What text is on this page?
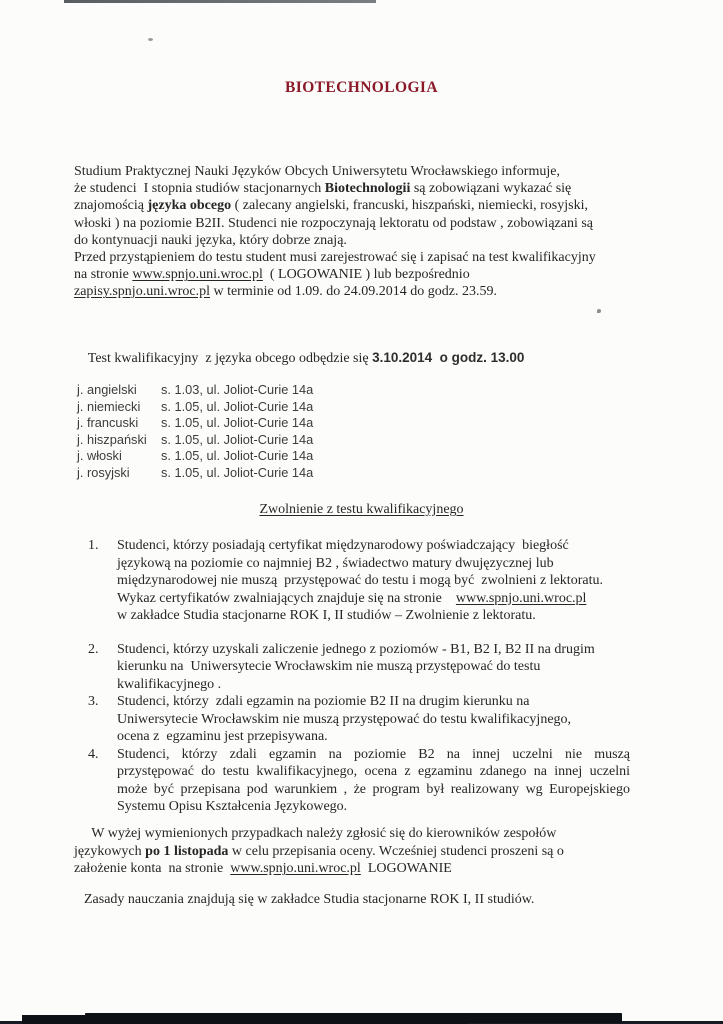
BIOTECHNOLOGIA
Studium Praktycznej Nauki Języków Obcych Uniwersytetu Wrocławskiego informuje,
że studenci  I stopnia studiów stacjonarnych Biotechnologii są zobowiązani wykazać się
znajomością języka obcego ( zalecany angielski, francuski, hiszpański, niemiecki, rosyjski,
włoski ) na poziomie B2II. Studenci nie rozpoczynają lektoratu od podstaw , zobowiązani są
do kontynuacji nauki języka, który dobrze znają.
Przed przystąpieniem do testu student musi zarejestrować się i zapisać na test kwalifikacyjny
na stronie www.spnjo.uni.wroc.pl  ( LOGOWANIE ) lub bezpośrednio
zapisy.spnjo.uni.wroc.pl w terminie od 1.09. do 24.09.2014 do godz. 23.59.

Test kwalifikacyjny  z języka obcego odbędzie się 3.10.2014  o godz. 13.00

j. angielski	s. 1.03, ul. Joliot-Curie 14a
j. niemiecki	s. 1.05, ul. Joliot-Curie 14a
j. francuski	s. 1.05, ul. Joliot-Curie 14a
j. hiszpański	s. 1.05, ul. Joliot-Curie 14a
j. włoski	s. 1.05, ul. Joliot-Curie 14a
j. rosyjski	s. 1.05, ul. Joliot-Curie 14a
Zwolnienie z testu kwalifikacyjnego
1.	Studenci, którzy posiadają certyfikat międzynarodowy poświadczający  biegłość
językową na poziomie co najmniej B2 , świadectwo matury dwujęzycznej lub
międzynarodowej nie muszą  przystępować do testu i mogą być  zwolnieni z lektoratu.
Wykaz certyfikatów zwalniających znajduje się na stronie    www.spnjo.uni.wroc.pl
w zakładce Studia stacjonarne ROK I, II studiów – Zwolnienie z lektoratu.
2.	Studenci, którzy uzyskali zaliczenie jednego z poziomów - B1, B2 I, B2 II na drugim
kierunku na  Uniwersytecie Wrocławskim nie muszą przystępować do testu
kwalifikacyjnego .
3.	Studenci, którzy  zdali egzamin na poziomie B2 II na drugim kierunku na
Uniwersytecie Wrocławskim nie muszą przystępować do testu kwalifikacyjnego,
ocena z  egzaminu jest przepisywana.
4.	Studenci, którzy zdali egzamin na poziomie B2 na innej uczelni nie muszą
przystępować do testu kwalifikacyjnego, ocena z egzaminu zdanego na innej uczelni
może być przepisana pod warunkiem , że program był realizowany wg Europejskiego
Systemu Opisu Kształcenia Językowego.
W wyżej wymienionych przypadkach należy zgłosić się do kierowników zespołów
językowych po 1 listopada w celu przepisania oceny. Wcześniej studenci proszeni są o
założenie konta  na stronie  www.spnjo.uni.wroc.pl  LOGOWANIE
Zasady nauczania znajdują się w zakładce Studia stacjonarne ROK I, II studiów.
